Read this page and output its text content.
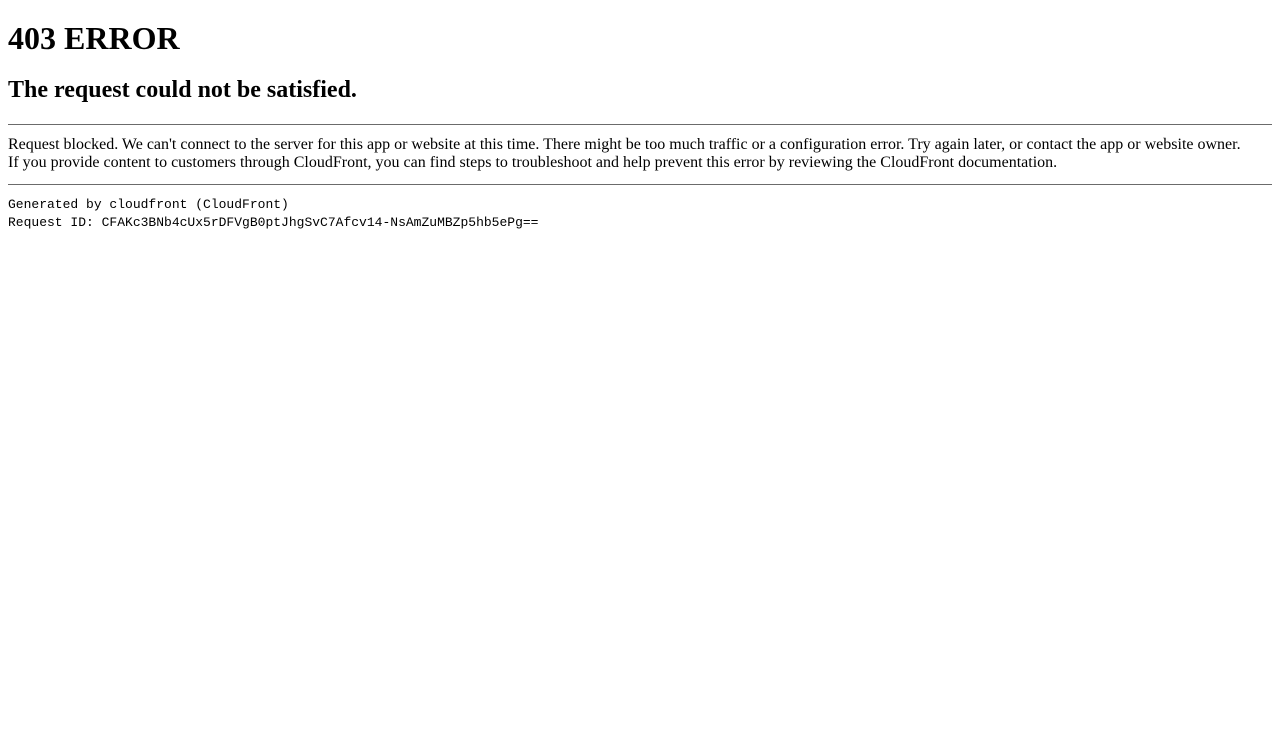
403 ERROR
The request could not be satisfied.

Request blocked. We can't connect to the server for this app or website at this time. There might be too much traffic or a configuration error. Try again later, or contact the app or website owner.

If you provide content to customers through CloudFront, you can find steps to troubleshoot and help prevent this error by reviewing the CloudFront documentation.

Generated by cloudfront (CloudFront)
Request ID: CFAKc3BNb4cUx5rDFVgB0ptJhgSvC7Afcv14-NsAmZuMBZp5hb5ePg==
